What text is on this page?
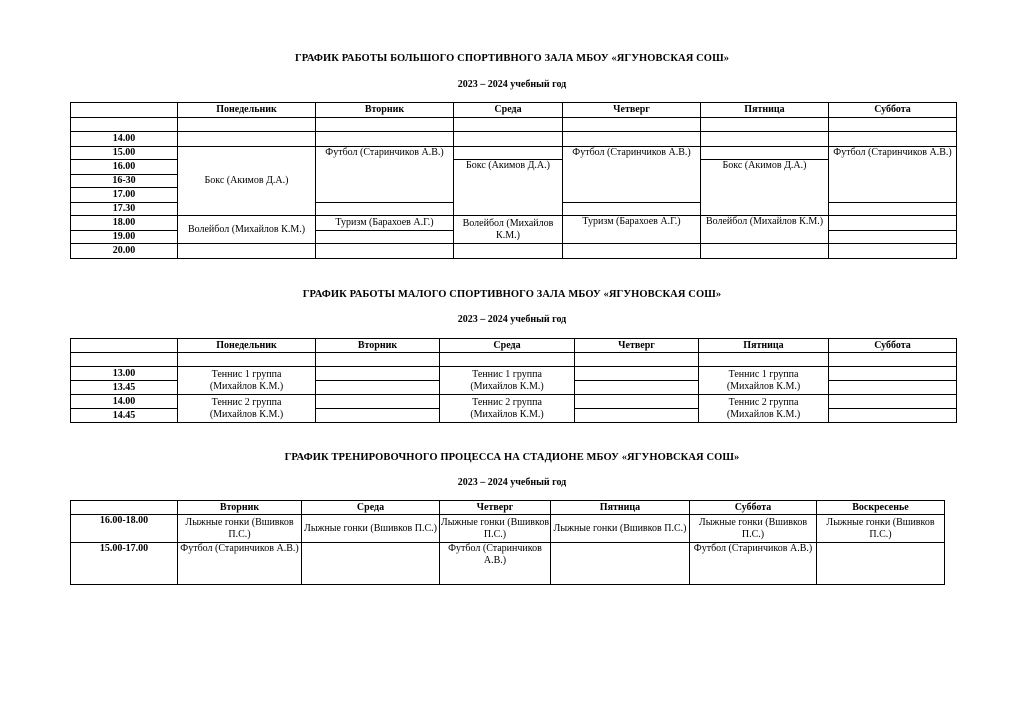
ГРАФИК РАБОТЫ БОЛЬШОГО СПОРТИВНОГО ЗАЛА МБОУ «ЯГУНОВСКАЯ СОШ»
2023 – 2024 учебный год
	Понедельник	Вторник	Среда	Четверг	Пятница	Суббота

14.00						
15.00	Бокс (Акимов Д.А.)	Футбол (Старинчиков А.В.)		Футбол (Старинчиков А.В.)		Футбол (Старинчиков А.В.)
16.00			Бокс (Акимов Д.А.)		Бокс (Акимов Д.А.)	
16-30						
17.00						
17.30						
18.00	Волейбол (Михайлов К.М.)	Туризм (Барахоев А.Г.)	Волейбол (Михайлов К.М.)	Туризм (Барахоев А.Г.)	Волейбол (Михайлов К.М.)	
19.00						
20.00						
ГРАФИК РАБОТЫ МАЛОГО СПОРТИВНОГО ЗАЛА МБОУ «ЯГУНОВСКАЯ СОШ»
2023 – 2024 учебный год
	Понедельник	Вторник	Среда	Четверг	Пятница	Суббота

13.00	Теннис 1 группа
(Михайлов К.М.)		Теннис 1 группа
(Михайлов К.М.)		Теннис 1 группа
(Михайлов К.М.)	
13.45						
14.00	Теннис 2 группа
(Михайлов К.М.)		Теннис 2 группа
(Михайлов К.М.)		Теннис 2 группа
(Михайлов К.М.)	
14.45						
ГРАФИК ТРЕНИРОВОЧНОГО ПРОЦЕССА НА СТАДИОНЕ МБОУ «ЯГУНОВСКАЯ СОШ»
2023 – 2024 учебный год
	Вторник	Среда	Четверг	Пятница	Суббота	Воскресенье
16.00-18.00	Лыжные гонки (Вшивков П.С.)	Лыжные гонки (Вшивков П.С.)	Лыжные гонки (Вшивков П.С.)	Лыжные гонки (Вшивков П.С.)	Лыжные гонки (Вшивков П.С.)	Лыжные гонки (Вшивков П.С.)
15.00-17.00	Футбол (Старинчиков А.В.)		Футбол (Старинчиков А.В.)		Футбол (Старинчиков А.В.)	
